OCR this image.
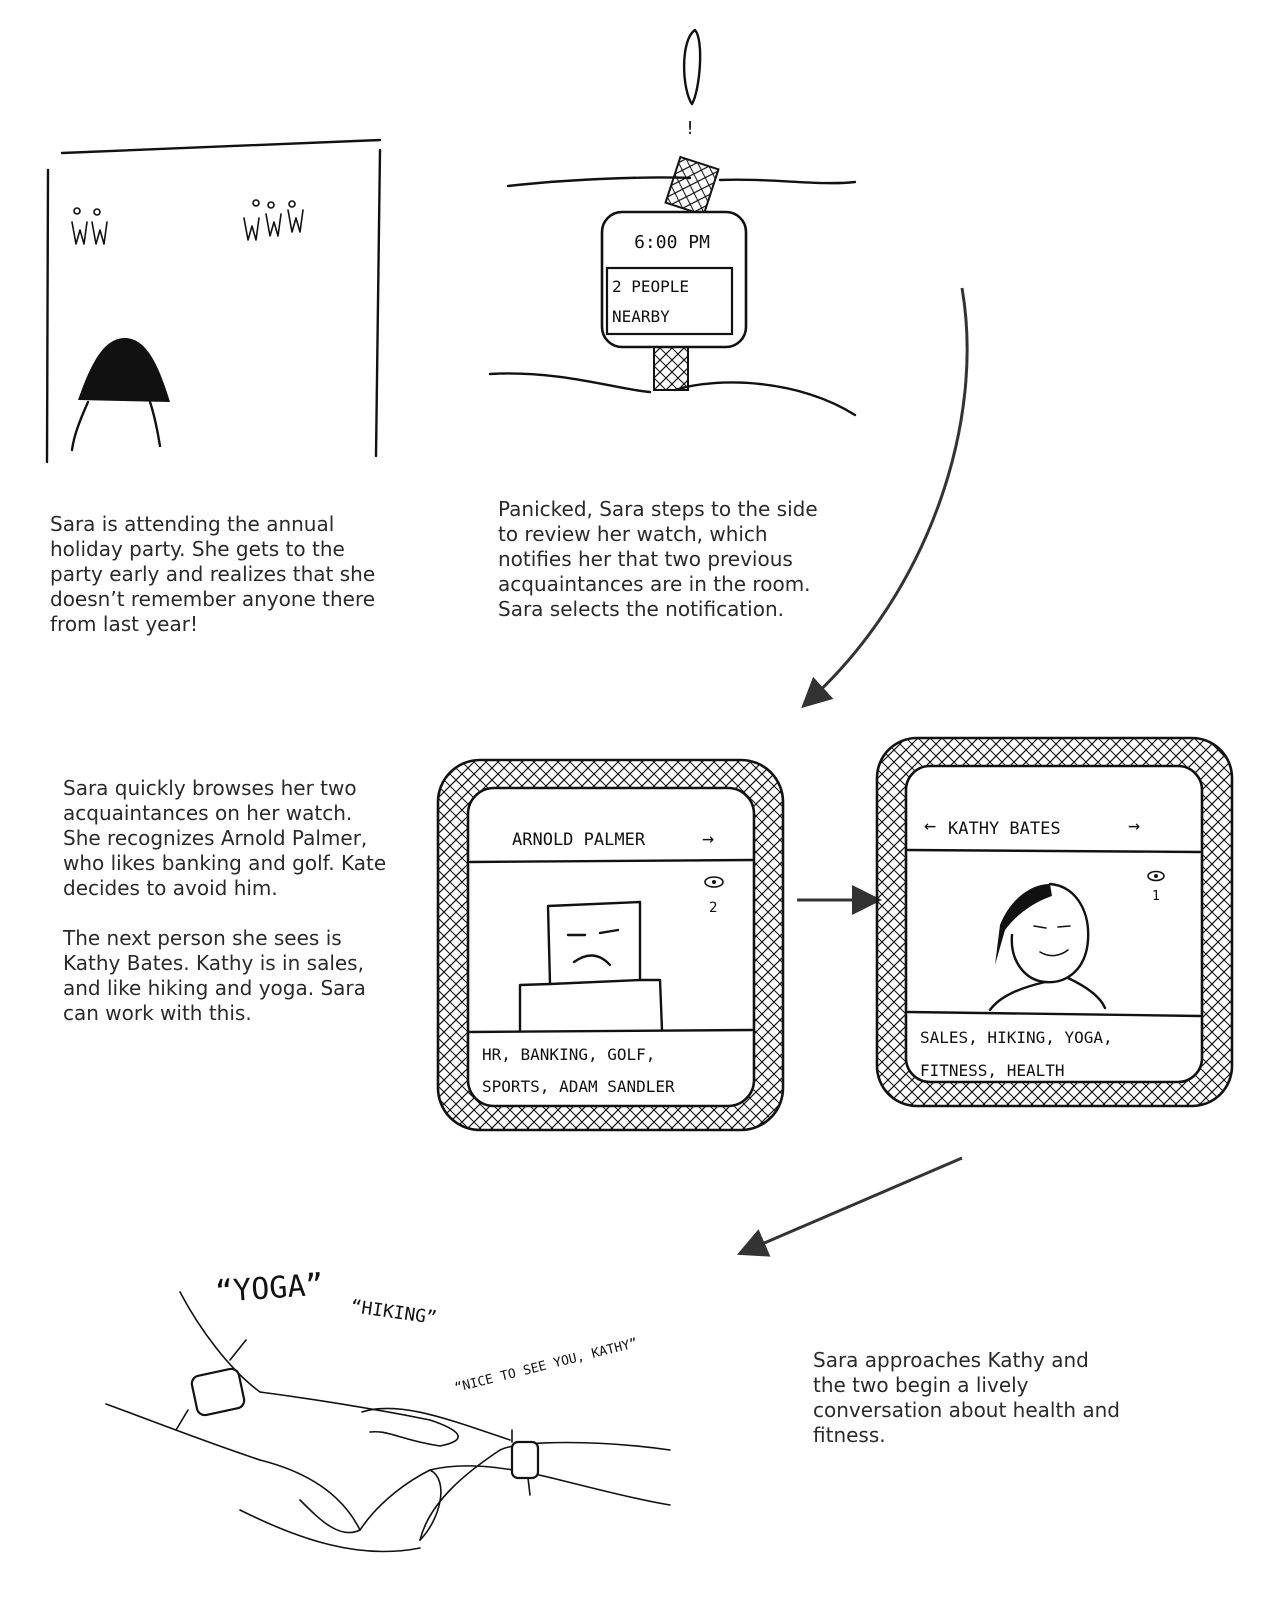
!
6:00 PM
2 PEOPLE
NEARBY
ARNOLD PALMER	→
2
HR, BANKING, GOLF,
SPORTS, ADAM SANDLER
← KATHY BATES	→
1
SALES, HIKING, YOGA,
FITNESS, HEALTH
“YOGA”
“HIKING”
“NICE TO SEE YOU, KATHY”
Sara is attending the annual holiday party. She gets to the party early and realizes that she doesn’t remember anyone there from last year!
Panicked, Sara steps to the side to review her watch, which notifies her that two previous acquaintances are in the room. Sara selects the notification.

Sara quickly browses her two acquaintances on her watch. She recognizes Arnold Palmer, who likes banking and golf. Kate decides to avoid him.

The next person she sees is Kathy Bates. Kathy is in sales, and like hiking and yoga. Sara can work with this.

Sara approaches Kathy and the two begin a lively conversation about health and fitness.
